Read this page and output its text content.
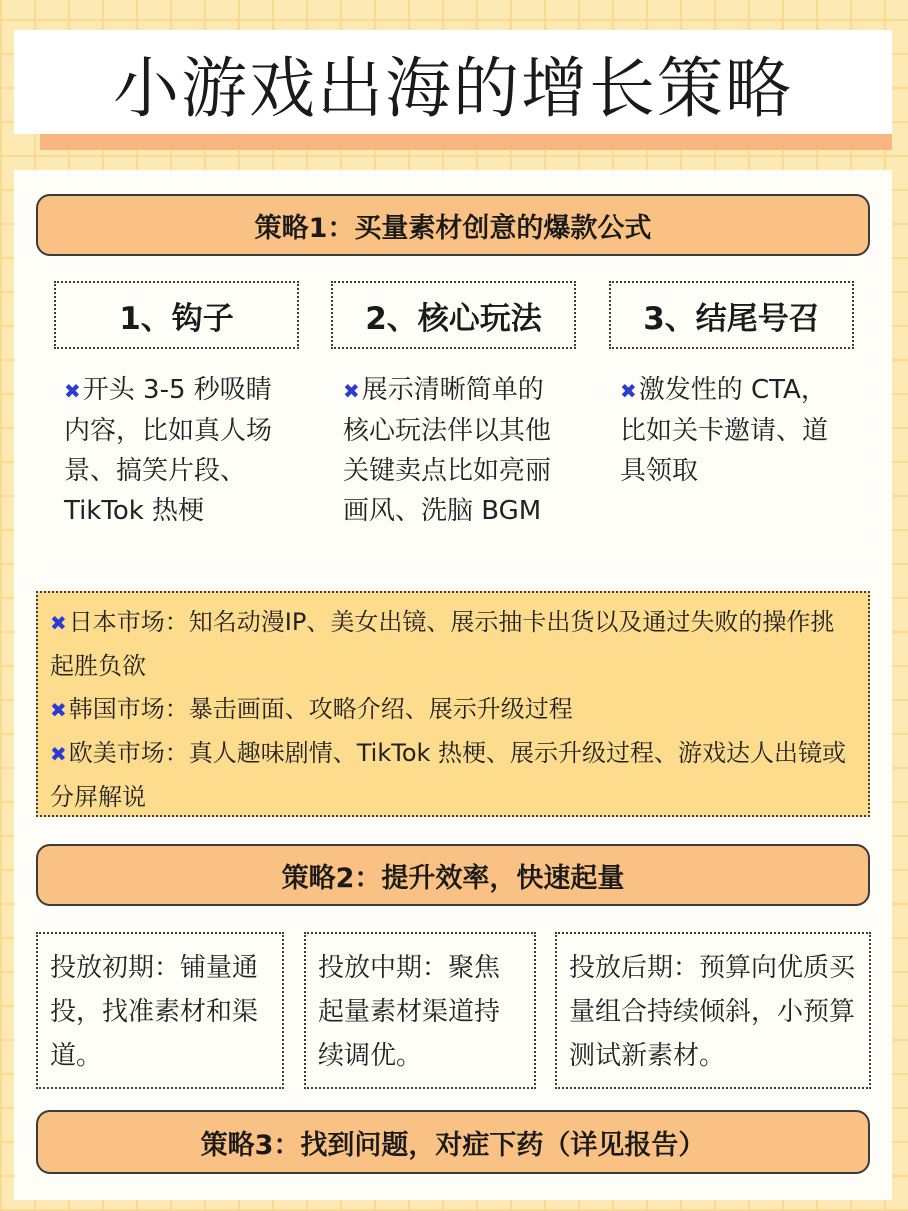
小游戏出海的增长策略
策略1：买量素材创意的爆款公式
1、钩子	2、核心玩法	3、结尾号召
✖开头 3-5 秒吸睛内容，比如真人场景、搞笑片段、TikTok 热梗
✖展示清晰简单的核心玩法伴以其他关键卖点比如亮丽画风、洗脑 BGM
✖激发性的 CTA，比如关卡邀请、道具领取

✖日本市场：知名动漫IP、美女出镜、展示抽卡出货以及通过失败的操作挑起胜负欲

✖韩国市场：暴击画面、攻略介绍、展示升级过程

✖欧美市场：真人趣味剧情、TikTok 热梗、展示升级过程、游戏达人出镜或分屏解说

策略2：提升效率，快速起量
投放初期：铺量通投，找准素材和渠道。
投放中期：聚焦起量素材渠道持续调优。
投放后期：预算向优质买量组合持续倾斜，小预算测试新素材。
策略3：找到问题，对症下药（详见报告）
